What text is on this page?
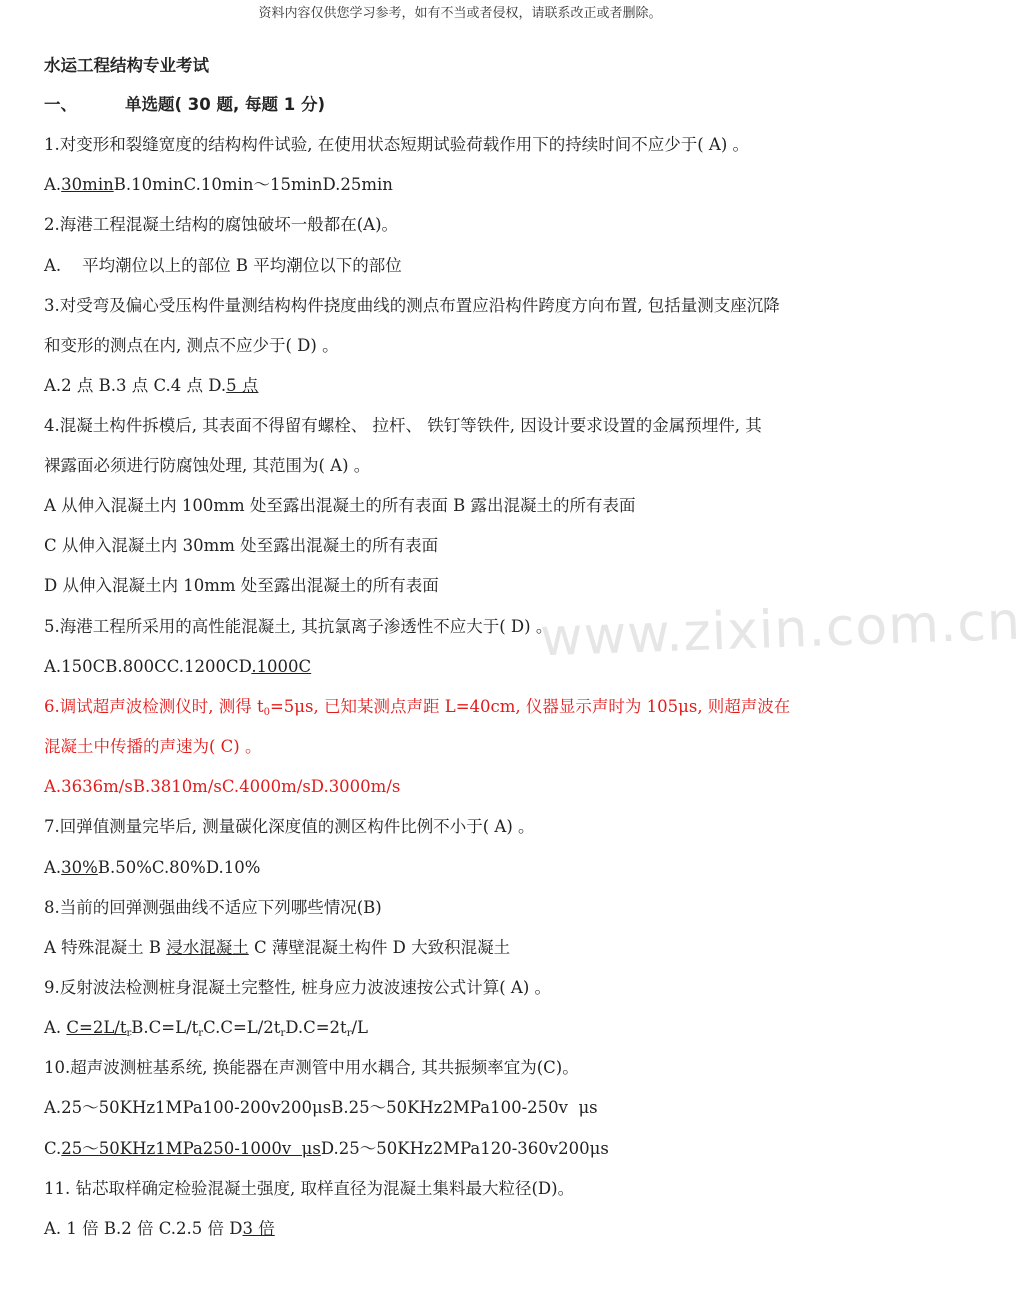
资料内容仅供您学习参考，如有不当或者侵权，请联系改正或者删除。
www.zixin.com.cn
水运工程结构专业考试
一、	单选题( 30 题, 每题 1 分)
1.对变形和裂缝宽度的结构构件试验, 在使用状态短期试验荷载作用下的持续时间不应少于( A) 。
A.30minB.10minC.10min～15minD.25min
2.海港工程混凝土结构的腐蚀破坏一般都在(A)。
A.    平均潮位以上的部位 B 平均潮位以下的部位
3.对受弯及偏心受压构件量测结构构件挠度曲线的测点布置应沿构件跨度方向布置, 包括量测支座沉降
和变形的测点在内, 测点不应少于( D) 。
A.2 点 B.3 点 C.4 点 D.5 点
4.混凝土构件拆模后, 其表面不得留有螺栓、 拉杆、 铁钉等铁件, 因设计要求设置的金属预埋件, 其
裸露面必须进行防腐蚀处理, 其范围为( A) 。
A 从伸入混凝土内 100mm 处至露出混凝土的所有表面 B 露出混凝土的所有表面
C 从伸入混凝土内 30mm 处至露出混凝土的所有表面
D 从伸入混凝土内 10mm 处至露出混凝土的所有表面
5.海港工程所采用的高性能混凝土, 其抗氯离子渗透性不应大于( D) 。
A.150CB.800CC.1200CD.1000C
6.调试超声波检测仪时, 测得 $t_0=5\mu s$, 已知某测点声距 L=40cm, 仪器显示声时为 105μs, 则超声波在
混凝土中传播的声速为( C) 。
A.3636m/sB.3810m/sC.4000m/sD.3000m/s
7.回弹值测量完毕后, 测量碳化深度值的测区构件比例不小于( A) 。
A.30%B.50%C.80%D.10%
8.当前的回弹测强曲线不适应下列哪些情况(B)
A 特殊混凝土 B 浸水混凝土 C 薄壁混凝土构件 D 大致积混凝土
9.反射波法检测桩身混凝土完整性, 桩身应力波波速按公式计算( A) 。
A. $C=2L/t_rB.C=L/t_rC.C=L/2t_rD.C=2t_r/L$
10.超声波测桩基系统, 换能器在声测管中用水耦合, 其共振频率宜为(C)。
A.25～50KHz1MPa100-200v200μsB.25～50KHz2MPa100-250v  μs
C.25～50KHz1MPa250-1000v  μsD.25～50KHz2MPa120-360v200μs
11. 钻芯取样确定检验混凝土强度, 取样直径为混凝土集料最大粒径(D)。
A. 1 倍 B.2 倍 C.2.5 倍 D3 倍
